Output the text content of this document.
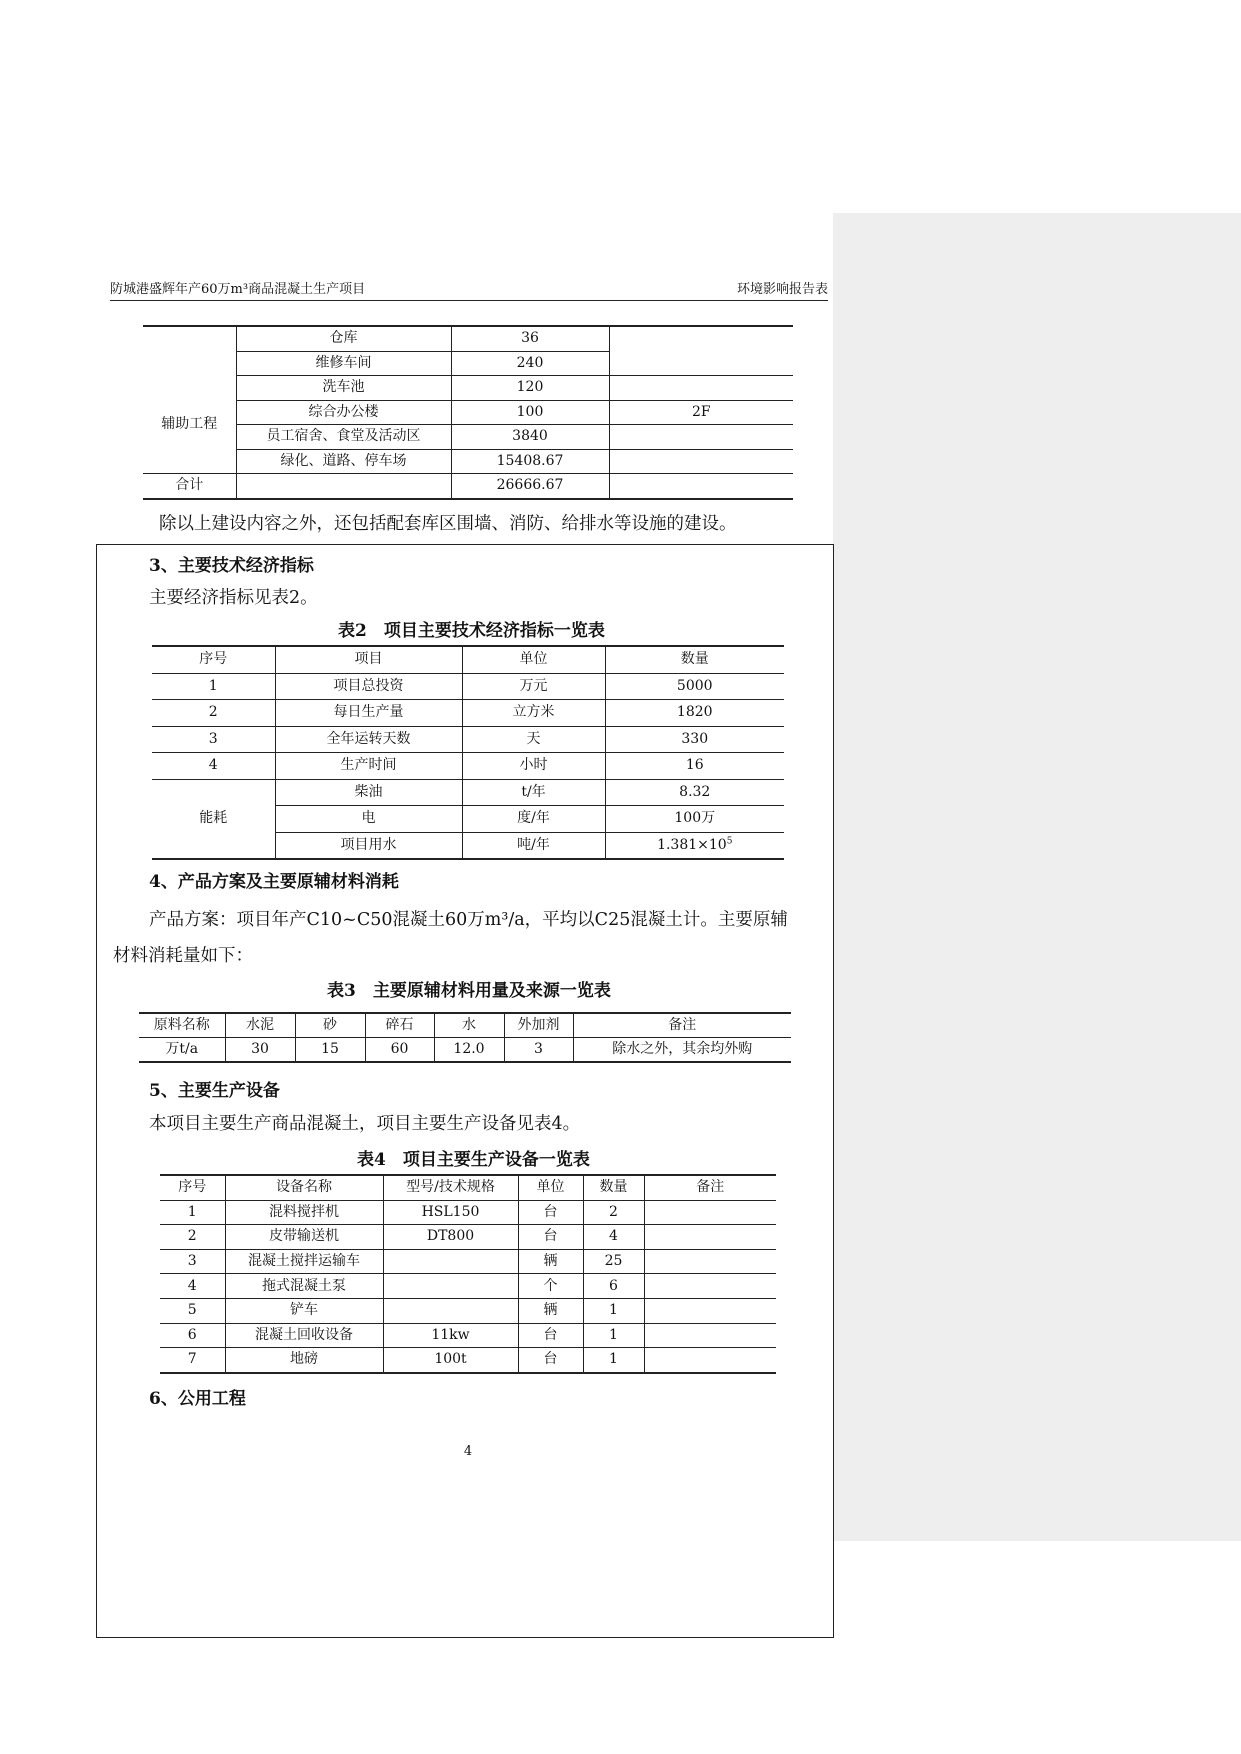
防城港盛辉年产60万m³商品混凝土生产项目	环境影响报告表
	仓库	36	
	维修车间	240	
辅助工程	洗车池	120	
	综合办公楼	100	2F
	员工宿舍、食堂及活动区	3840	
	绿化、道路、停车场	15408.67	
合计		26666.67	
除以上建设内容之外，还包括配套库区围墙、消防、给排水等设施的建设。
3、主要技术经济指标
主要经济指标见表2。
表2　项目主要技术经济指标一览表
序号	项目	单位	数量
1	项目总投资	万元	5000
2	每日生产量	立方米	1820
3	全年运转天数	天	330
4	生产时间	小时	16
能耗	柴油	t/年	8.32
	电	度/年	100万
	项目用水	吨/年	$1.381\times 10^5$
4、产品方案及主要原辅材料消耗
产品方案：项目年产C10~C50混凝土60万m³/a，平均以C25混凝土计。主要原辅
材料消耗量如下：
表3　主要原辅材料用量及来源一览表
原料名称	水泥	砂	碎石	水	外加剂	备注
万t/a	30	15	60	12.0	3	除水之外，其余均外购
5、主要生产设备
本项目主要生产商品混凝土，项目主要生产设备见表4。
表4　项目主要生产设备一览表
序号	设备名称	型号/技术规格	单位	数量	备注
1	混料搅拌机	HSL150	台	2	
2	皮带输送机	DT800	台	4	
3	混凝土搅拌运输车		辆	25	
4	拖式混凝土泵		个	6	
5	铲车		辆	1	
6	混凝土回收设备	11kw	台	1	
7	地磅	100t	台	1	
6、公用工程
4
